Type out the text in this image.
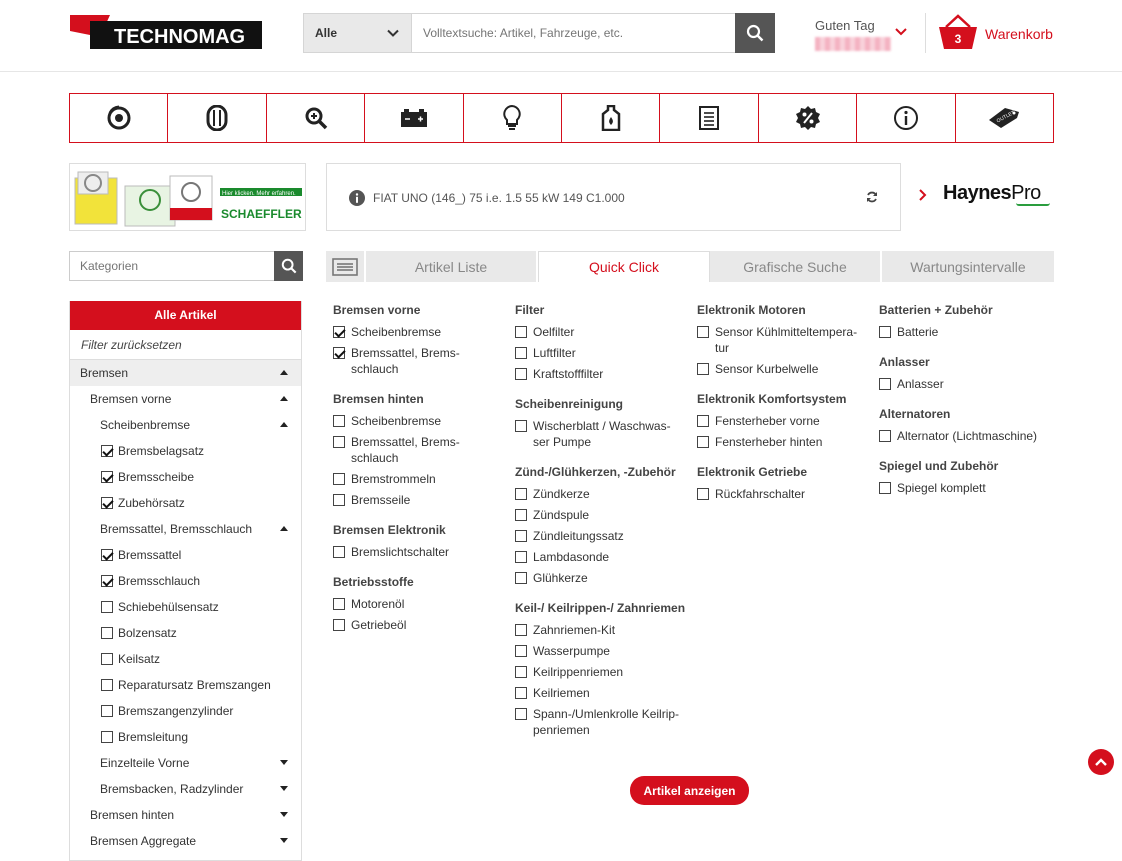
TECHNOMAG	Alle
Volltextsuche: Artikel, Fahrzeuge, etc.	Guten Tag
3	Warenkorb
OUTLET
Hier klicken. Mehr erfahren.
SCHAEFFLER
FIAT UNO (146_) 75 i.e. 1.5 55 kW 149 C1.000	HaynesPro
Kategorien
Alle Artikel
Filter zurücksetzen
Bremsen
Bremsen vorne
Scheibenbremse
Bremsbelagsatz
Bremsscheibe
Zubehörsatz
Bremssattel, Bremsschlauch
Bremssattel
Bremsschlauch
Schiebehülsensatz
Bolzensatz
Keilsatz
Reparatursatz Bremszangen
Bremszangenzylinder
Bremsleitung
Einzelteile Vorne
Bremsbacken, Radzylinder
Bremsen hinten
Bremsen Aggregate
Artikel Liste	Quick Click	Grafische Suche	Wartungsintervalle
Bremsen vorne
Scheibenbremse
Bremssattel, Brems-
schlauch
Bremsen hinten
Scheibenbremse
Bremssattel, Brems-
schlauch
Bremstrommeln
Bremsseile
Bremsen Elektronik
Bremslichtschalter
Betriebsstoffe
Motorenöl
Getriebeöl
Filter
Oelfilter
Luftfilter
Kraftstofffilter
Scheibenreinigung
Wischerblatt / Waschwas-
ser Pumpe
Zünd-/Glühkerzen, -Zubehör
Zündkerze
Zündspule
Zündleitungssatz
Lambdasonde
Glühkerze
Keil-/ Keilrippen-/ Zahnriemen
Zahnriemen-Kit
Wasserpumpe
Keilrippenriemen
Keilriemen
Spann-/Umlenkrolle Keilrip-
penriemen
Elektronik Motoren
Sensor Kühlmitteltempera-
tur
Sensor Kurbelwelle
Elektronik Komfortsystem
Fensterheber vorne
Fensterheber hinten
Elektronik Getriebe
Rückfahrschalter
Batterien + Zubehör
Batterie
Anlasser
Anlasser
Alternatoren
Alternator (Lichtmaschine)
Spiegel und Zubehör
Spiegel komplett
Artikel anzeigen
